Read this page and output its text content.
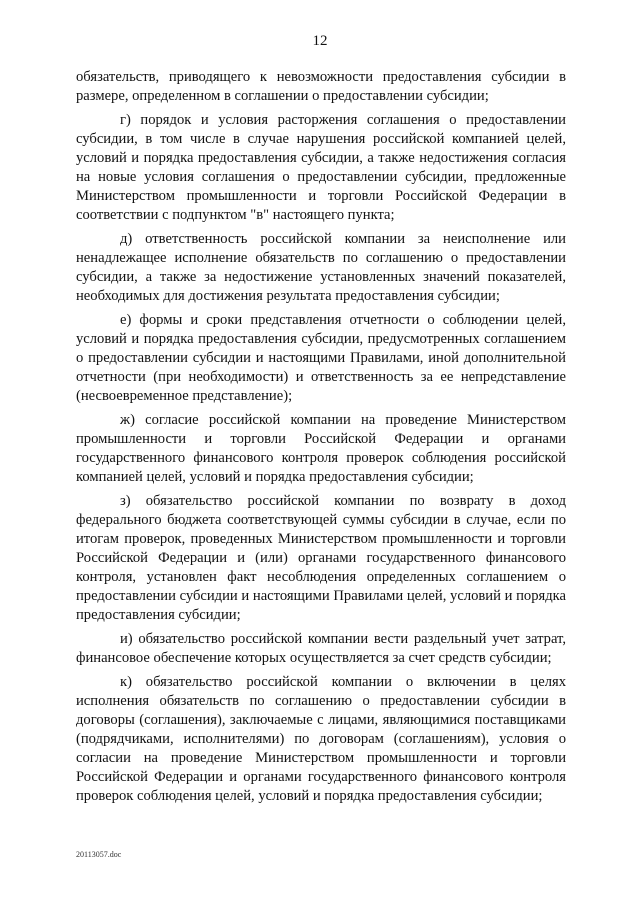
12

обязательств, приводящего к невозможности предоставления субсидии в размере, определенном в соглашении о предоставлении субсидии;

г) порядок и условия расторжения соглашения о предоставлении субсидии, в том числе в случае нарушения российской компанией целей, условий и порядка предоставления субсидии, а также недостижения согласия на новые условия соглашения о предоставлении субсидии, предложенные Министерством промышленности и торговли Российской Федерации в соответствии с подпунктом "в" настоящего пункта;

д) ответственность российской компании за неисполнение или ненадлежащее исполнение обязательств по соглашению о предоставлении субсидии, а также за недостижение установленных значений показателей, необходимых для достижения результата предоставления субсидии;

е) формы и сроки представления отчетности о соблюдении целей, условий и порядка предоставления субсидии, предусмотренных соглашением о предоставлении субсидии и настоящими Правилами, иной дополнительной отчетности (при необходимости) и ответственность за ее непредставление (несвоевременное представление);

ж) согласие российской компании на проведение Министерством промышленности и торговли Российской Федерации и органами государственного финансового контроля проверок соблюдения российской компанией целей, условий и порядка предоставления субсидии;

з) обязательство российской компании по возврату в доход федерального бюджета соответствующей суммы субсидии в случае, если по итогам проверок, проведенных Министерством промышленности и торговли Российской Федерации и (или) органами государственного финансового контроля, установлен факт несоблюдения определенных соглашением о предоставлении субсидии и настоящими Правилами целей, условий и порядка предоставления субсидии;

и) обязательство российской компании вести раздельный учет затрат, финансовое обеспечение которых осуществляется за счет средств субсидии;

к) обязательство российской компании о включении в целях исполнения обязательств по соглашению о предоставлении субсидии в договоры (соглашения), заключаемые с лицами, являющимися поставщиками (подрядчиками, исполнителями) по договорам (соглашениям), условия о согласии на проведение Министерством промышленности и торговли Российской Федерации и органами государственного финансового контроля проверок соблюдения целей, условий и порядка предоставления субсидии;

20113057.doc
